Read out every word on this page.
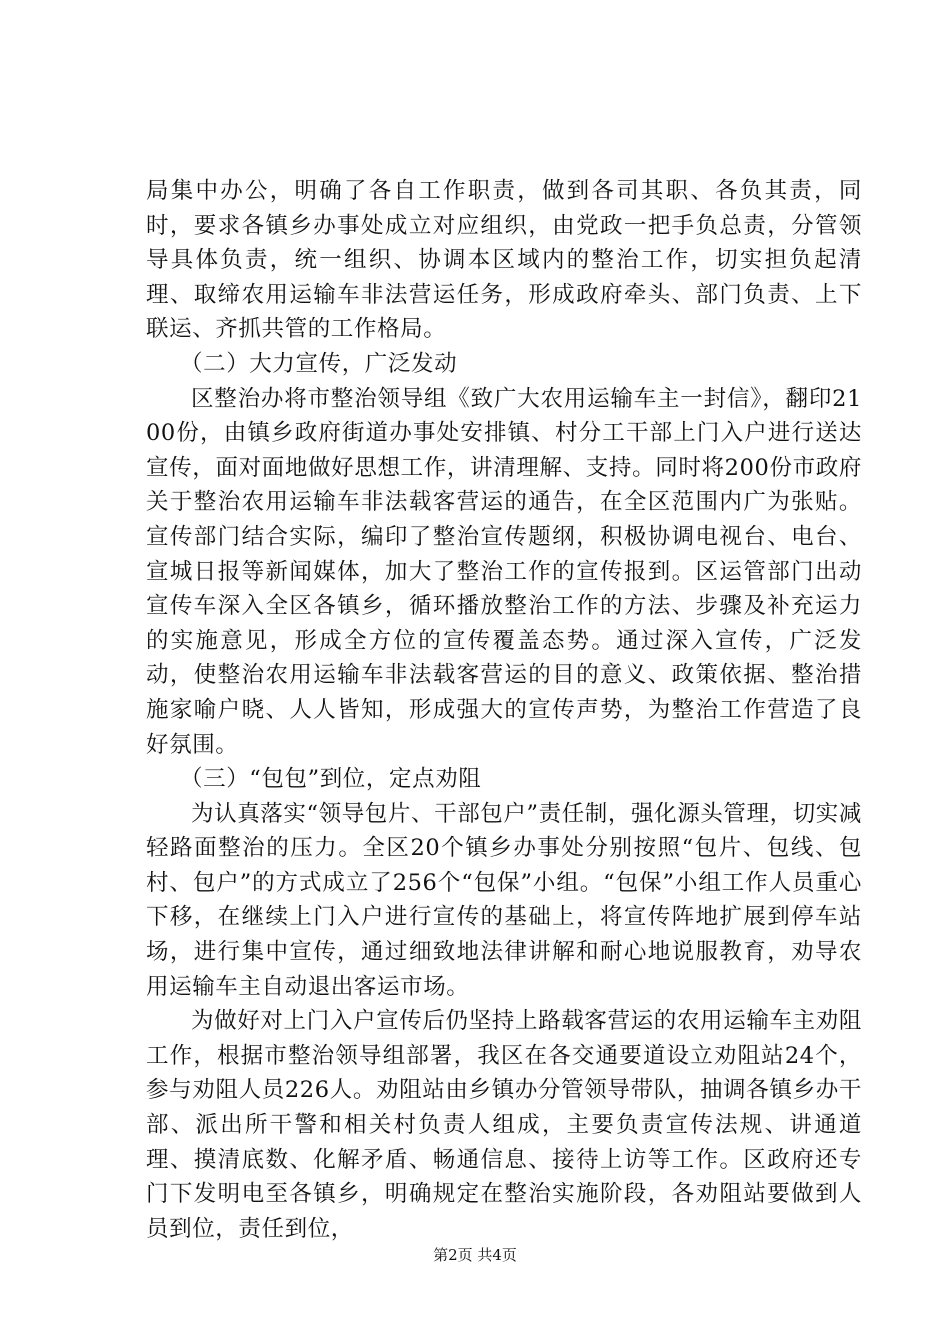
局集中办公，明确了各自工作职责，做到各司其职、各负其责，同时，要求各镇乡办事处成立对应组织，由党政一把手负总责，分管领导具体负责，统一组织、协调本区域内的整治工作，切实担负起清理、取缔农用运输车非法营运任务，形成政府牵头、部门负责、上下联运、齐抓共管的工作格局。

（二）大力宣传，广泛发动

区整治办将市整治领导组《致广大农用运输车主一封信》，翻印2100份，由镇乡政府街道办事处安排镇、村分工干部上门入户进行送达宣传，面对面地做好思想工作，讲清理解、支持。同时将200份市政府关于整治农用运输车非法载客营运的通告，在全区范围内广为张贴。宣传部门结合实际，编印了整治宣传题纲，积极协调电视台、电台、宣城日报等新闻媒体，加大了整治工作的宣传报到。区运管部门出动宣传车深入全区各镇乡，循环播放整治工作的方法、步骤及补充运力的实施意见，形成全方位的宣传覆盖态势。通过深入宣传，广泛发动，使整治农用运输车非法载客营运的目的意义、政策依据、整治措施家喻户晓、人人皆知，形成强大的宣传声势，为整治工作营造了良好氛围。

（三）“包包”到位，定点劝阻

为认真落实“领导包片、干部包户”责任制，强化源头管理，切实减轻路面整治的压力。全区20个镇乡办事处分别按照“包片、包线、包村、包户”的方式成立了256个“包保”小组。“包保”小组工作人员重心下移，在继续上门入户进行宣传的基础上，将宣传阵地扩展到停车站场，进行集中宣传，通过细致地法律讲解和耐心地说服教育，劝导农用运输车主自动退出客运市场。

为做好对上门入户宣传后仍坚持上路载客营运的农用运输车主劝阻工作，根据市整治领导组部署，我区在各交通要道设立劝阻站24个，参与劝阻人员226人。劝阻站由乡镇办分管领导带队，抽调各镇乡办干部、派出所干警和相关村负责人组成，主要负责宣传法规、讲通道理、摸清底数、化解矛盾、畅通信息、接待上访等工作。区政府还专门下发明电至各镇乡，明确规定在整治实施阶段，各劝阻站要做到人员到位，责任到位，

第2页 共4页
